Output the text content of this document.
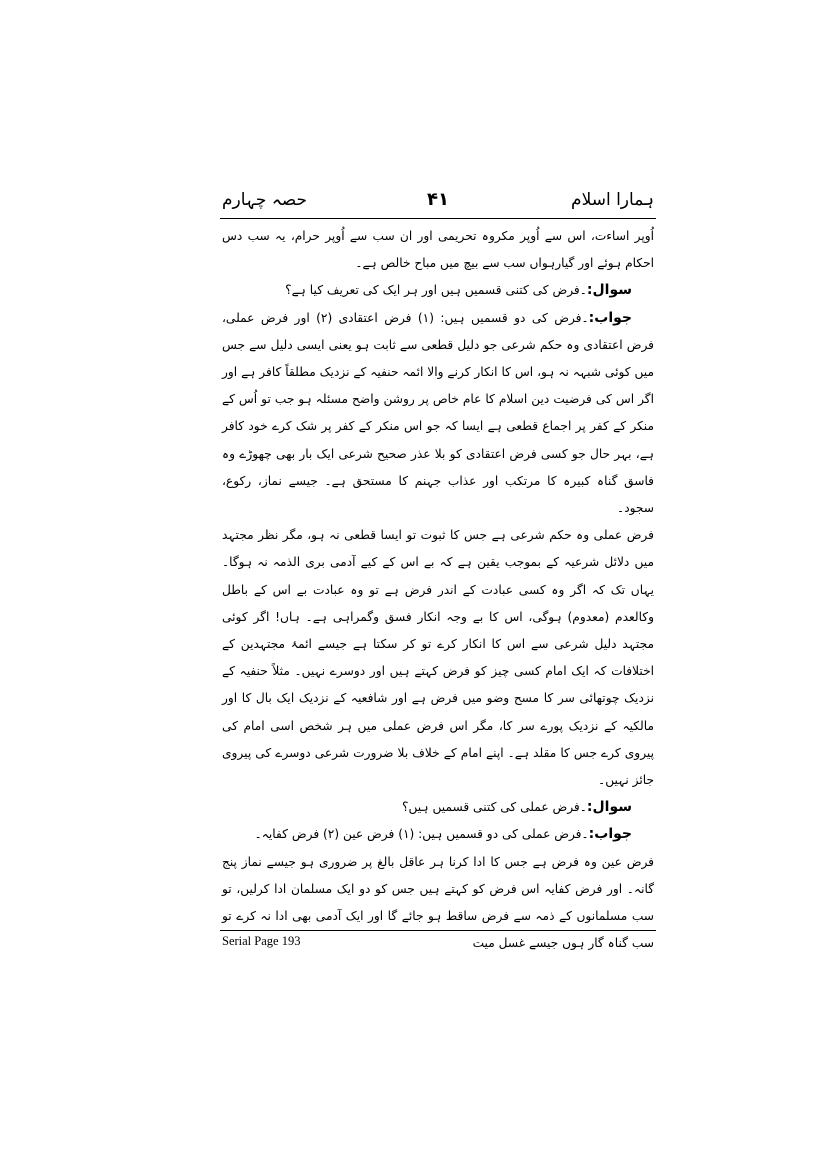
ہمارا اسلام
۴۱
حصہ چہارم

اُوپر اساءت، اس سے اُوپر مکروہ تحریمی اور ان سب سے اُوپر حرام، یہ سب دس احکام ہوئے اور گیارہواں سب سے بیچ میں مباح خالص ہے۔

سوال:۔فرض کی کتنی قسمیں ہیں اور ہر ایک کی تعریف کیا ہے؟

جواب:۔فرض کی دو قسمیں ہیں: (۱) فرض اعتقادی (۲) اور فرض عملی، فرض اعتقادی وہ حکم شرعی جو دلیل قطعی سے ثابت ہو یعنی ایسی دلیل سے جس میں کوئی شبہہ نہ ہو، اس کا انکار کرنے والا ائمہ حنفیہ کے نزدیک مطلقاً کافر ہے اور اگر اس کی فرضیت دین اسلام کا عام خاص پر روشن واضح مسئلہ ہو جب تو اُس کے منکر کے کفر پر اجماع قطعی ہے ایسا کہ جو اس منکر کے کفر پر شک کرے خود کافر ہے، بہر حال جو کسی فرض اعتقادی کو بلا عذر صحیح شرعی ایک بار بھی چھوڑے وہ فاسق گناہ کبیرہ کا مرتکب اور عذاب جہنم کا مستحق ہے۔ جیسے نماز، رکوع، سجود۔

فرض عملی وہ حکم شرعی ہے جس کا ثبوت تو ایسا قطعی نہ ہو، مگر نظر مجتہد میں دلائل شرعیہ کے بموجب یقین ہے کہ بے اس کے کیے آدمی بری الذمہ نہ ہوگا۔ یہاں تک کہ اگر وہ کسی عبادت کے اندر فرض ہے تو وہ عبادت بے اس کے باطل وکالعدم (معدوم) ہوگی، اس کا بے وجہ انکار فسق وگمراہی ہے۔ ہاں! اگر کوئی مجتہد دلیل شرعی سے اس کا انکار کرے تو کر سکتا ہے جیسے ائمۂ مجتہدین کے اختلافات کہ ایک امام کسی چیز کو فرض کہتے ہیں اور دوسرے نہیں۔ مثلاً حنفیہ کے نزدیک چوتھائی سر کا مسح وضو میں فرض ہے اور شافعیہ کے نزدیک ایک بال کا اور مالکیہ کے نزدیک پورے سر کا، مگر اس فرض عملی میں ہر شخص اسی امام کی پیروی کرے جس کا مقلد ہے۔ اپنے امام کے خلاف بلا ضرورت شرعی دوسرے کی پیروی جائز نہیں۔

سوال:۔فرض عملی کی کتنی قسمیں ہیں؟

جواب:۔فرض عملی کی دو قسمیں ہیں: (۱) فرض عین (۲) فرض کفایہ۔

فرض عین وہ فرض ہے جس کا ادا کرنا ہر عاقل بالغ پر ضروری ہو جیسے نماز پنج گانہ۔ اور فرض کفایہ اس فرض کو کہتے ہیں جس کو دو ایک مسلمان ادا کرلیں، تو سب مسلمانوں کے ذمہ سے فرض ساقط ہو جائے گا اور ایک آدمی بھی ادا نہ کرے تو سب گناہ گار ہوں جیسے غسل میت

Serial Page 193
